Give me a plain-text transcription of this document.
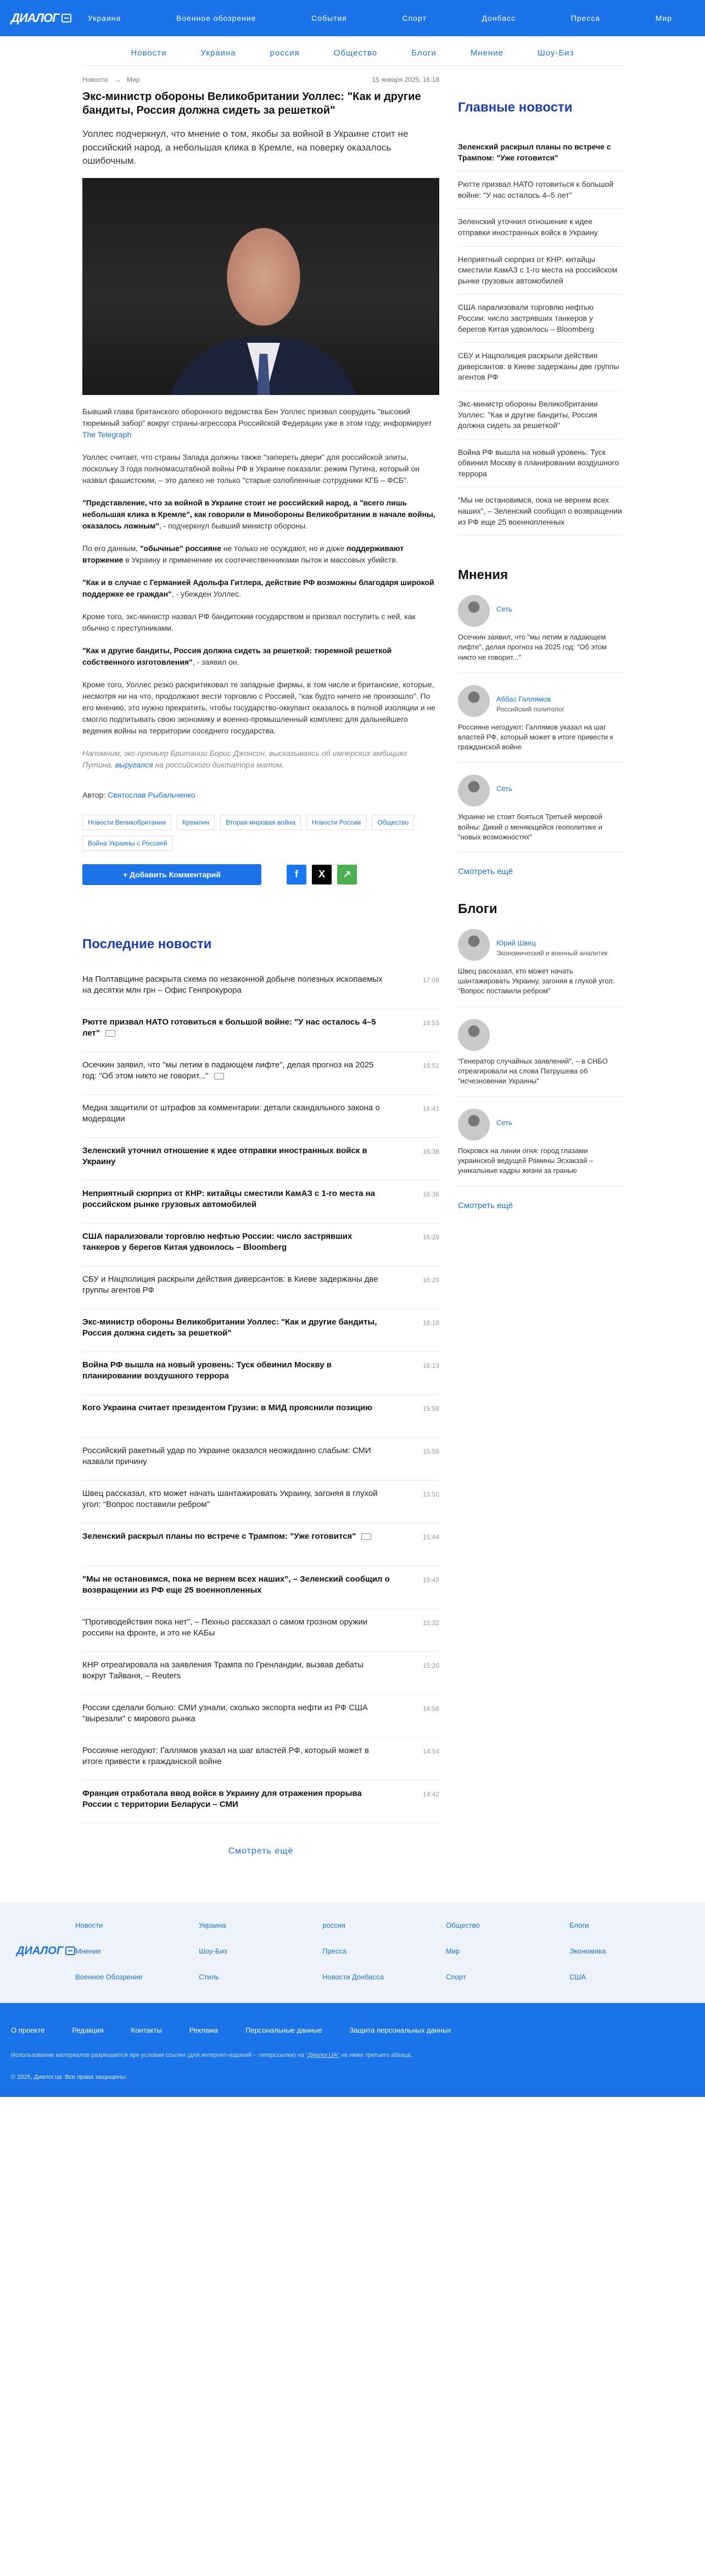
ДИАЛОГ	Украина	Военное обозрение	События	Спорт	Донбасс	Пресса	Мир
Новости	Украина	россия	Общество	Блоги	Мнение	Шоу-Биз
Новости → Мир	15 января 2025, 16:18
Экс-министр обороны Великобритании Уоллес: "Как и другие бандиты, Россия должна сидеть за решеткой"

Уоллес подчеркнул, что мнение о том, якобы за войной в Украине стоит не российский народ, а небольшая клика в Кремле, на поверку оказалось ошибочным.

Бывший глава британского оборонного ведомства Бен Уоллес призвал соорудить "высокий тюремный забор" вокруг страны-агрессора Российской Федерации уже в этом году, информирует The Telegraph

Уоллес считает, что страны Запада должны также "запереть двери" для российской элиты, поскольку 3 года полномасштабной войны РФ в Украине показали: режим Путина, который он назвал фашистским, – это далеко не только "старые озлобленные сотрудники КГБ – ФСБ".

"Представление, что за войной в Украине стоит не российский народ, а "всего лишь небольшая клика в Кремле", как говорили в Минобороны Великобритании в начале войны, оказалось ложным", - подчеркнул бывший министр обороны.

По его данным, "обычные" россияне не только не осуждают, но и даже поддерживают вторжение в Украину и применение их соотечественниками пыток и массовых убийств.

"Как и в случае с Германией Адольфа Гитлера, действие РФ возможны благодаря широкой поддержке ее граждан", - убежден Уоллес.

Кроме того, экс-министр назвал РФ бандитским государством и призвал поступить с ней, как обычно с преступниками.

"Как и другие бандиты, Россия должна сидеть за решеткой: тюремной решеткой собственного изготовления", - заявил он.

Кроме того, Уоллес резко раскритиковал те западные фирмы, в том числе и британские, которые, несмотря ни на что, продолжают вести торговлю с Россией, "как будто ничего не произошло". По его мнению, это нужно прекратить, чтобы государство-оккупант оказалось в полной изоляции и не смогло подпитывать свою экономику и военно-промышленный комплекс для дальнейшего ведения войны на территории соседнего государства.

Напомним, экс-премьер Британии Борис Джонсон, высказываясь об имперских амбициях Путина, выругался на российского диктатора матом.

Автор: Святослав Рыбальченко
Новости Великобритании	Кремлин	Вторая мировая война	Новости России	Общество
Война Украины с Россией
+ Добавить Комментарий	f	X	↗
Последние новости
На Полтавщине раскрыта схема по незаконной добыче полезных ископаемых на десятки млн грн – Офис Генпрокурора
17:08
Рютте призвал НАТО готовиться к большой войне: "У нас осталось 4–5 лет"
16:53
Осечкин заявил, что "мы летим в падающем лифте", делая прогноз на 2025 год: "Об этом никто не говорит..."
16:51
Медиа защитили от штрафов за комментарии: детали скандального закона о модерации
16:41
Зеленский уточнил отношение к идее отправки иностранных войск в Украину
16:38
Неприятный сюрприз от КНР: китайцы сместили КамАЗ с 1-го места на российском рынке грузовых автомобилей
16:36
США парализовали торговлю нефтью России: число застрявших танкеров у берегов Китая удвоилось – Bloomberg
16:29
СБУ и Нацполиция раскрыли действия диверсантов: в Киеве задержаны две группы агентов РФ
16:20
Экс-министр обороны Великобритании Уоллес: "Как и другие бандиты, Россия должна сидеть за решеткой"
16:18
Война РФ вышла на новый уровень: Туск обвинил Москву в планировании воздушного террора
16:13
Кого Украина считает президентом Грузии: в МИД прояснили позицию	15:58
Российский ракетный удар по Украине оказался неожиданно слабым: СМИ назвали причину
15:56
Швец рассказал, кто может начать шантажировать Украину, загоняя в глухой угол: "Вопрос поставили ребром"
15:50
Зеленский раскрыл планы по встрече с Трампом: "Уже готовится"	15:44
"Мы не остановимся, пока не вернем всех наших", – Зеленский сообщил о возвращении из РФ еще 25 военнопленных
15:42
"Противодействия пока нет", – Пехньо рассказал о самом грозном оружии россиян на фронте, и это не КАБы
15:32
КНР отреагировала на заявления Трампа по Гренландии, вызвав дебаты вокруг Тайваня, – Reuters
15:20
России сделали больно: СМИ узнали, сколько экспорта нефти из РФ США "вырезали" с мирового рынка
14:58
Россияне негодуют: Галлямов указал на шаг властей РФ, который может в итоге привести к гражданской войне
14:54
Франция отработала ввод войск в Украину для отражения прорыва России с территории Беларуси – СМИ
14:42
Смотреть ещё
Главные новости
Зеленский раскрыл планы по встрече с Трампом: "Уже готовится"
Рютте призвал НАТО готовиться к большой войне: "У нас осталось 4–5 лет"
Зеленский уточнил отношение к идее отправки иностранных войск в Украину
Неприятный сюрприз от КНР: китайцы сместили КамАЗ с 1-го места на российском рынке грузовых автомобилей
США парализовали торговлю нефтью России: число застрявших танкеров у берегов Китая удвоилось – Bloomberg
СБУ и Нацполиция раскрыли действия диверсантов: в Киеве задержаны две группы агентов РФ
Экс-министр обороны Великобритании Уоллес: "Как и другие бандиты, Россия должна сидеть за решеткой"
Война РФ вышла на новый уровень: Туск обвинил Москву в планировании воздушного террора
"Мы не остановимся, пока не вернем всех наших", – Зеленский сообщил о возвращении из РФ еще 25 военнопленных
Мнения
Сеть
Осечкин заявил, что "мы летим в падающем лифте", делая прогноз на 2025 год: "Об этом никто не говорит..."
Аббас Галлямов
Российский политолог
Россияне негодуют: Галлямов указал на шаг властей РФ, который может в итоге привести к гражданской войне
Сеть
Украине не стоит бояться Третьей мировой войны: Дикий о меняющейся геополитике и "новых возможностях"
Смотреть ещё
Блоги
Юрий Швец
Экономический и военный аналитик
Швец рассказал, кто может начать шантажировать Украину, загоняя в глухой угол: "Вопрос поставили ребром"
"Генератор случайных заявлений", – в СНБО отреагировали на слова Патрушева об "исчезновении Украины"
Сеть
Покровск на линии огня: город глазами украинской ведущей Рамины Эсхакзай – уникальные кадры жизни за гранью
Смотреть ещё
ДИАЛОГ
Новости	Украина	россия	Общество	Блоги
Мнение	Шоу-Биз	Пресса	Мир	Экономика
Военное Обозрение	Стиль	Новости Донбасса	Спорт	США
О проекте	Редакция	Контакты	Реклама	Персональные данные	Защита персональных данных
Использование материалов разрешается при условии ссылки (для интернет-изданий – гиперссылки) на "Диалог.UA" не ниже третьего абзаца.
© 2025, Диалог.ua. Все права защищены.
